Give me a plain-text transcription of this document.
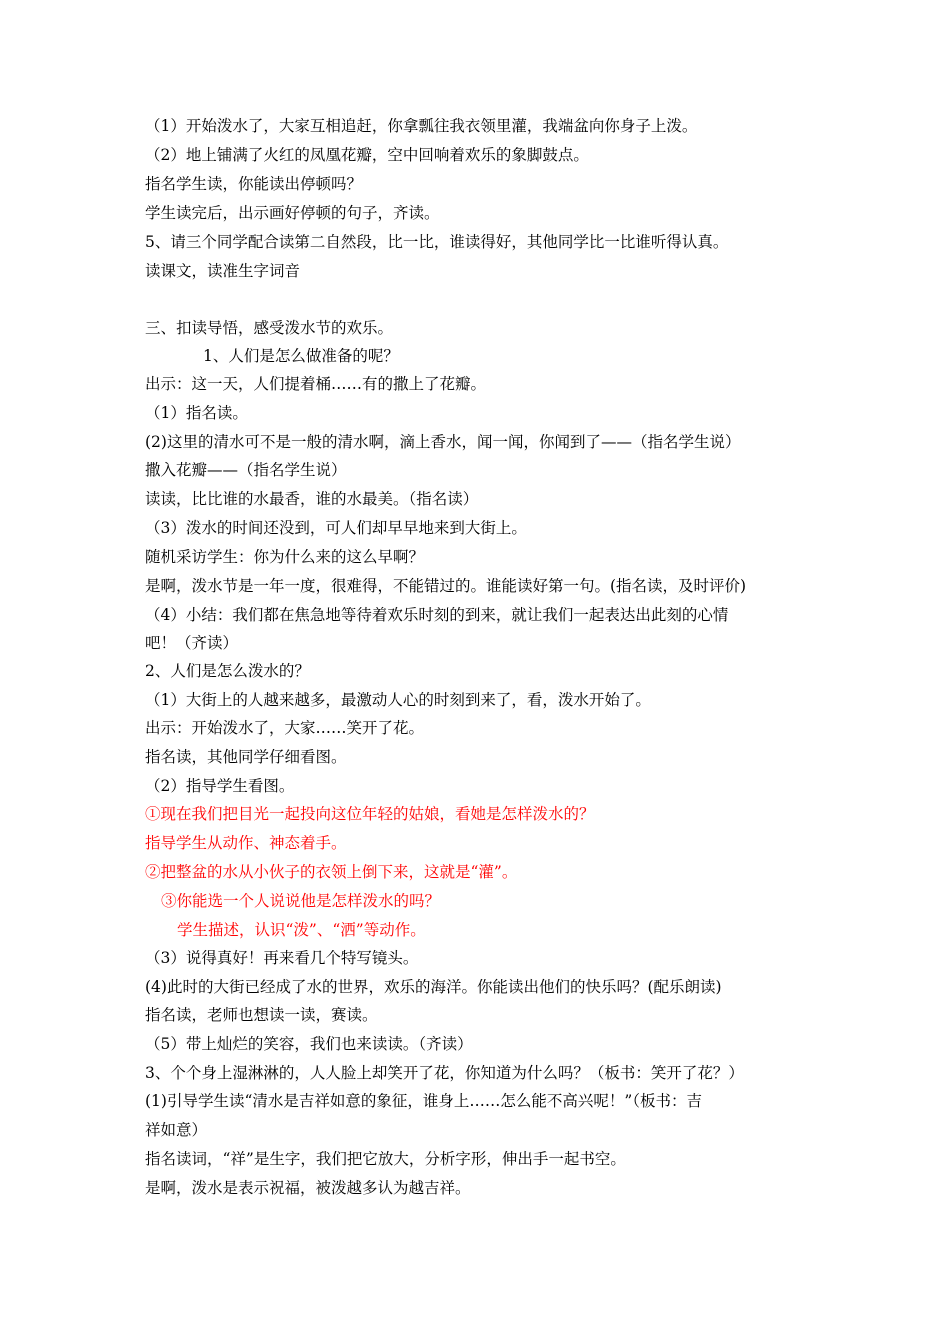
（1）开始泼水了，大家互相追赶，你拿瓢往我衣领里灌，我端盆向你身子上泼。
（2）地上铺满了火红的凤凰花瓣，空中回响着欢乐的象脚鼓点。
指名学生读，你能读出停顿吗？
学生读完后，出示画好停顿的句子，齐读。
5、请三个同学配合读第二自然段，比一比，谁读得好，其他同学比一比谁听得认真。
读课文，读准生字词音
三、扣读导悟，感受泼水节的欢乐。
1、人们是怎么做准备的呢？
出示：这一天，人们提着桶……有的撒上了花瓣。
（1）指名读。
(2)这里的清水可不是一般的清水啊，滴上香水，闻一闻，你闻到了——（指名学生说）
撒入花瓣——（指名学生说）
读读，比比谁的水最香，谁的水最美。（指名读）
（3）泼水的时间还没到，可人们却早早地来到大街上。
随机采访学生：你为什么来的这么早啊？
是啊，泼水节是一年一度，很难得，不能错过的。谁能读好第一句。(指名读，及时评价)
（4）小结：我们都在焦急地等待着欢乐时刻的到来，就让我们一起表达出此刻的心情
吧！（齐读）
2、人们是怎么泼水的？
（1）大街上的人越来越多，最激动人心的时刻到来了，看，泼水开始了。
出示：开始泼水了，大家……笑开了花。
指名读，其他同学仔细看图。
（2）指导学生看图。
①现在我们把目光一起投向这位年轻的姑娘，看她是怎样泼水的？
指导学生从动作、神态着手。
②把整盆的水从小伙子的衣领上倒下来，这就是“灌”。
③你能选一个人说说他是怎样泼水的吗？
学生描述，认识“泼”、“洒”等动作。
（3）说得真好！再来看几个特写镜头。
(4)此时的大街已经成了水的世界，欢乐的海洋。你能读出他们的快乐吗？(配乐朗读)
指名读，老师也想读一读，赛读。
（5）带上灿烂的笑容，我们也来读读。（齐读）
3、个个身上湿淋淋的，人人脸上却笑开了花，你知道为什么吗？（板书：笑开了花？）
(1)引导学生读“清水是吉祥如意的象征，谁身上……怎么能不高兴呢！”（板书：吉
祥如意）
指名读词，“祥”是生字，我们把它放大，分析字形，伸出手一起书空。
是啊，泼水是表示祝福，被泼越多认为越吉祥。
